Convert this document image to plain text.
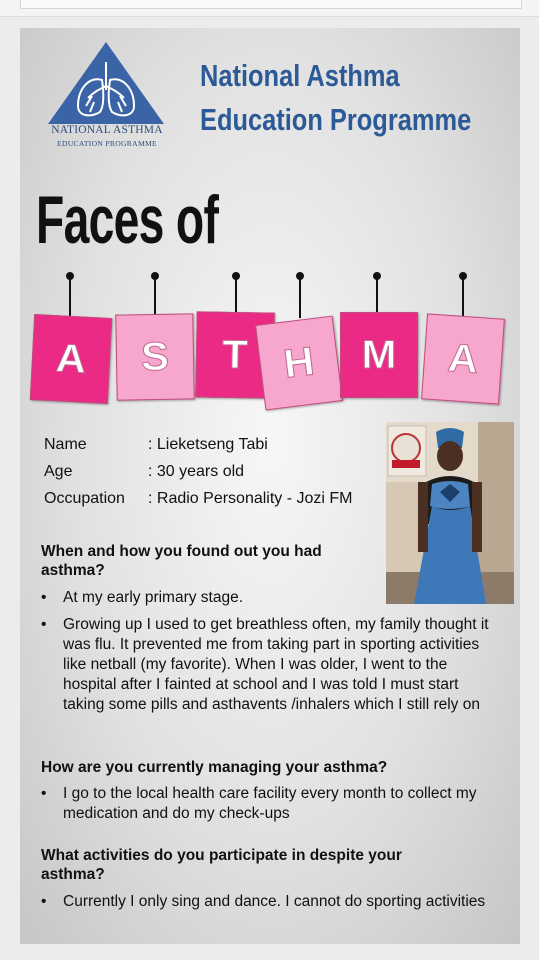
NATIONAL ASTHMA
EDUCATION PROGRAMME
National Asthma
Education Programme
Faces of
A	S	T H	M	A
Name	: Lieketseng Tabi
Age	: 30 years old
Occupation : Radio Personality - Jozi FM
When and how you found out you had asthma?
• At my early primary stage.
• Growing up I used to get breathless often, my family thought it was flu. It prevented me from taking part in sporting activities like netball (my favorite). When I was older, I went to the hospital after I fainted at school and I was told I must start taking some pills and asthavents /inhalers which I still rely on
How are you currently managing your asthma?
• I go to the local health care facility every month to collect my medication and do my check-ups
What activities do you participate in despite your asthma?
• Currently I only sing and dance. I cannot do sporting activities
